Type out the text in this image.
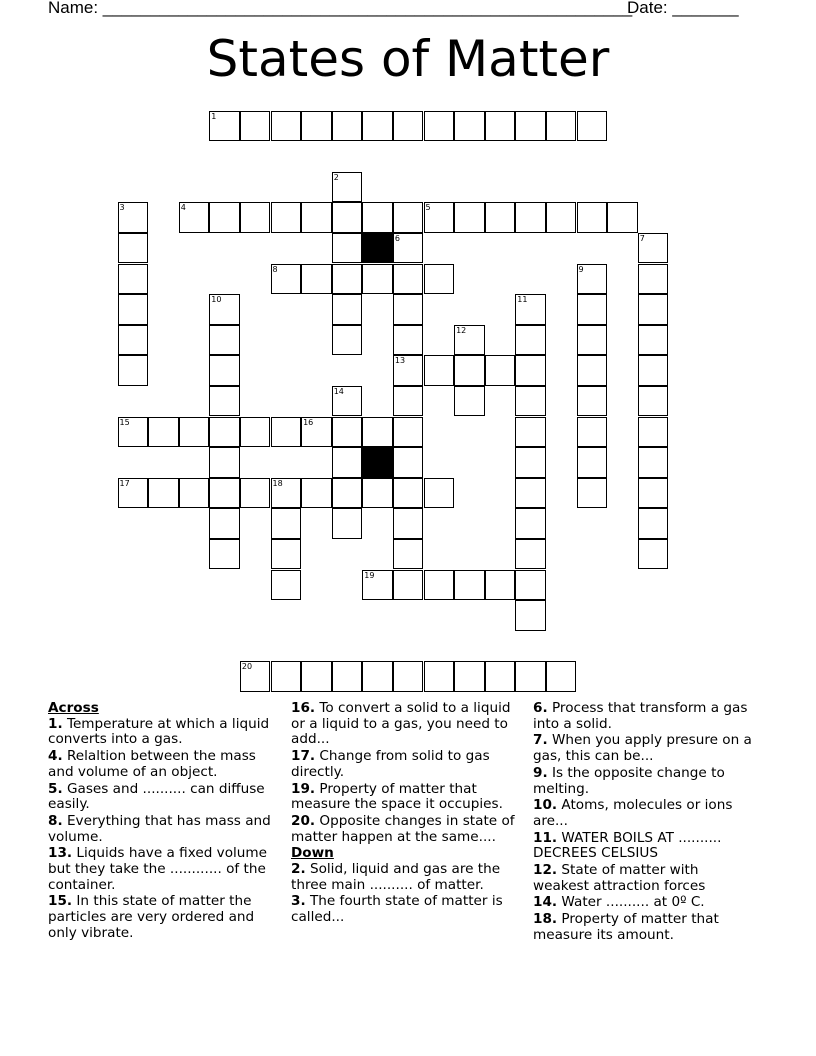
Name: ________________________________________________________
Date: _______
States of Matter
1
2
3	4	5
6	7
8	9
10	11
12
13
14
15	16
17	18
19
20
Across

1. Temperature at which a liquid converts into a gas.

4. Relaltion between the mass and volume of an object.

5. Gases and .......... can diffuse easily.

8. Everything that has mass and volume.

13. Liquids have a fixed volume but they take the ............ of the container.

15. In this state of matter the particles are very ordered and only vibrate.

16. To convert a solid to a liquid or a liquid to a gas, you need to add...

17. Change from solid to gas directly.

19. Property of matter that measure the space it occupies.

20. Opposite changes in state of matter happen at the same....

Down

2. Solid, liquid and gas are the three main .......... of matter.

3. The fourth state of matter is called...

6. Process that transform a gas into a solid.

7. When you apply presure on a gas, this can be...

9. Is the opposite change to melting.

10. Atoms, molecules or ions are...

11. WATER BOILS AT .......... DECREES CELSIUS

12. State of matter with weakest attraction forces

14. Water .......... at 0º C.

18. Property of matter that measure its amount.
